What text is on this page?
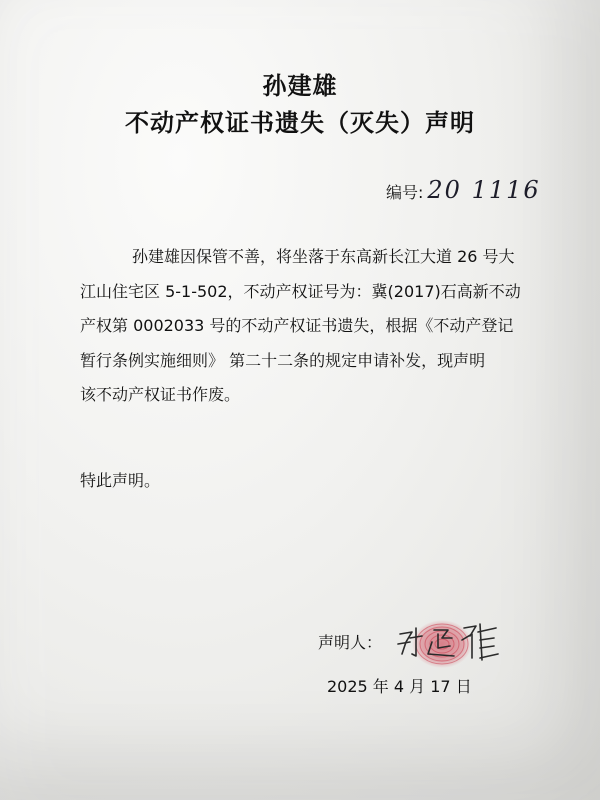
孙建雄
不动产权证书遗失（灭失）声明
编号: 20 1116
孙建雄因保管不善，将坐落于东高新长江大道 26 号大
江山住宅区 5-1-502，不动产权证号为：冀(2017)石高新不动
产权第 0002033 号的不动产权证书遗失，根据《不动产登记
暂行条例实施细则》 第二十二条的规定申请补发，现声明
该不动产权证书作废。
特此声明。
声明人：
2025 年 4 月 17 日
